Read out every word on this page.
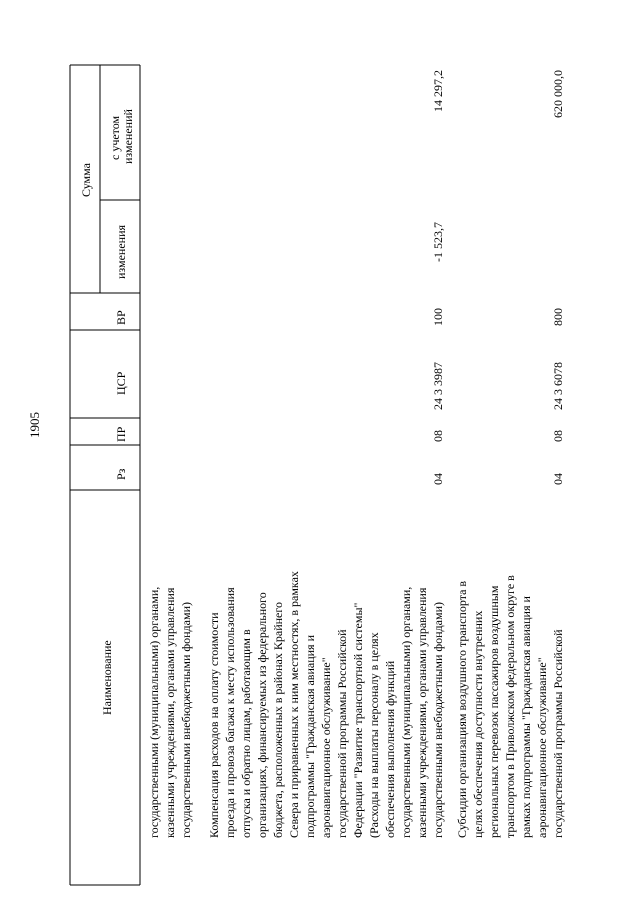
1905
Наименование
Рз
ПР
ЦСР
ВР
Сумма
изменения
с учетом изменений
государственными (муниципальными) органами, казенными учреждениями, органами управления государственными внебюджетными фондами) Компенсация расходов на оплату стоимости проезда и провоза багажа к месту использования отпуска и обратно лицам, работающим в организациях, финансируемых из федерального бюджета, расположенных в районах Крайнего Севера и приравненных к ним местностях, в рамках подпрограммы "Гражданская авиация и аэронавигационное обслуживание" государственной программы Российской Федерации "Развитие транспортной системы" (Расходы на выплаты персоналу в целях обеспечения выполнения функций государственными (муниципальными) органами, казенными учреждениями, органами управления государственными внебюджетными фондами)
04
08
24 3 3987
100
-1 523,7
14 297,2
Субсидии организациям воздушного транспорта в целях обеспечения доступности внутренних региональных перевозок пассажиров воздушным транспортом в Приволжском федеральном округе в рамках подпрограммы "Гражданская авиация и аэронавигационное обслуживание" государственной программы Российской
04
08
24 3 6078
800
620 000,0
